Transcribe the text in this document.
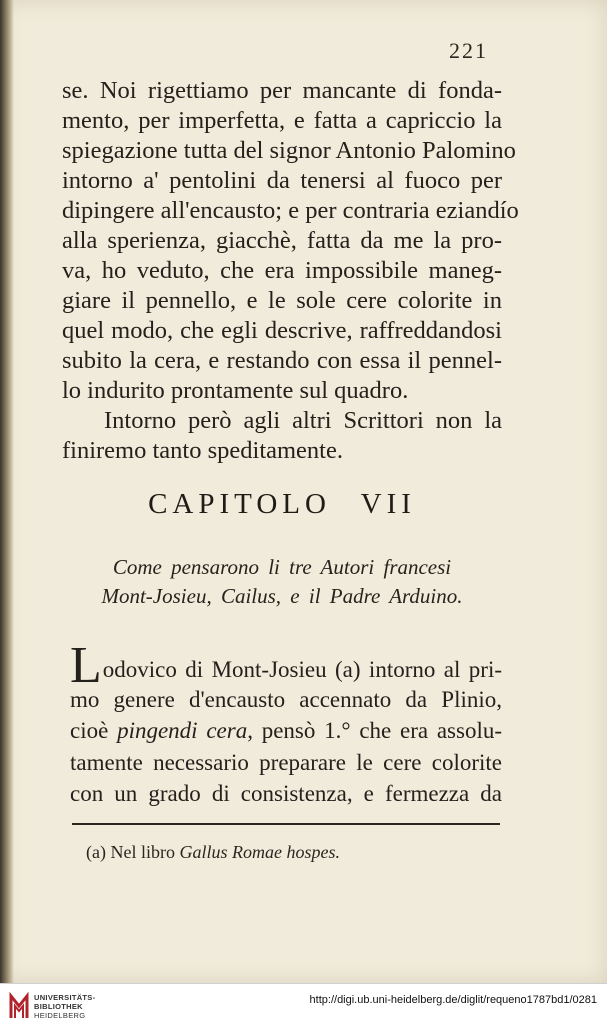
221
se. Noi rigettiamo per mancante di fonda-
mento, per imperfetta, e fatta a capriccio la
spiegazione tutta del signor Antonio Palomino
intorno a' pentolini da tenersi al fuoco per
dipingere all'encausto; e per contraria eziandío
alla sperienza, giacchè, fatta da me la pro-
va, ho veduto, che era impossibile maneg-
giare il pennello, e le sole cere colorite in
quel modo, che egli descrive, raffreddandosi
subito la cera, e restando con essa il pennel-
lo indurito prontamente sul quadro.
Intorno però agli altri Scrittori non la
finiremo tanto speditamente.
CAPITOLO VII
Come pensarono li tre Autori francesi
Mont-Josieu, Cailus, e il Padre Arduino.
Lodovico di Mont-Josieu (a) intorno al pri-
mo genere d'encausto accennato da Plinio,
cioè pingendi cera, pensò 1.° che era assolu-
tamente necessario preparare le cere colorite
con un grado di consistenza, e fermezza da
(a) Nel libro Gallus Romae hospes.
UNIVERSITÄTS-
BIBLIOTHEK
HEIDELBERG
http://digi.ub.uni-heidelberg.de/diglit/requeno1787bd1/0281
